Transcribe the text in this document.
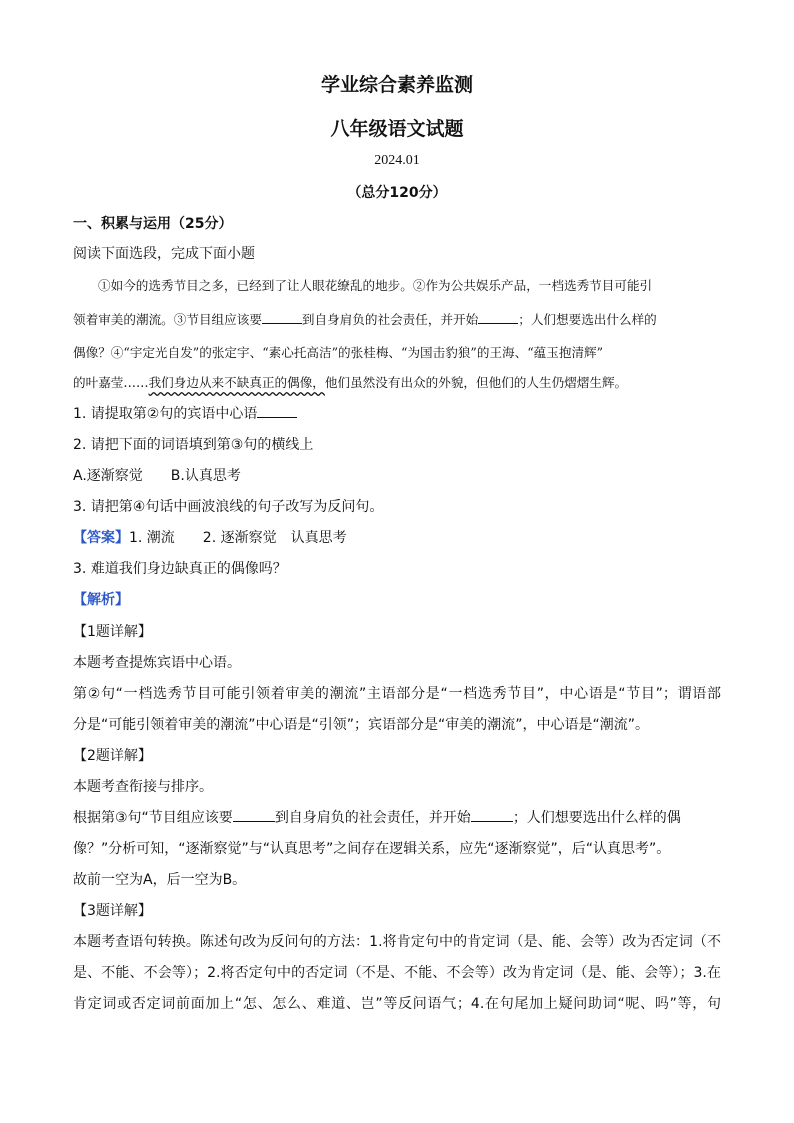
学业综合素养监测
八年级语文试题
2024.01
（总分120分）
一、积累与运用（25分）
阅读下面选段，完成下面小题
①如今的选秀节目之多，已经到了让人眼花缭乱的地步。②作为公共娱乐产品，一档选秀节目可能引
领着审美的潮流。③节目组应该要	到自身肩负的社会责任，并开始	；人们想要选出什么样的
偶像？④“宇定光自发”的张定宇、“素心托高洁”的张桂梅、“为国击豹狼”的王海、“蕴玉抱清辉”
的叶嘉莹……我们身边从来不缺真正的偶像，他们虽然没有出众的外貌，但他们的人生仍熠熠生辉。
1. 请提取第②句的宾语中心语
2. 请把下面的词语填到第③句的横线上
A.逐渐察觉　　B.认真思考
3. 请把第④句话中画波浪线的句子改写为反问句。
【答案】1. 潮流　　2. 逐渐察觉　认真思考
3. 难道我们身边缺真正的偶像吗？
【解析】
【1题详解】
本题考查提炼宾语中心语。
第②句“一档选秀节目可能引领着审美的潮流”主语部分是“一档选秀节目”，中心语是“节目”；谓语部
分是“可能引领着审美的潮流”中心语是“引领”；宾语部分是“审美的潮流”，中心语是“潮流”。
【2题详解】
本题考查衔接与排序。
根据第③句“节目组应该要	到自身肩负的社会责任，并开始	；人们想要选出什么样的偶
像？”分析可知，“逐渐察觉”与“认真思考”之间存在逻辑关系，应先“逐渐察觉”，后“认真思考”。
故前一空为A，后一空为B。
【3题详解】
本题考查语句转换。陈述句改为反问句的方法：1.将肯定句中的肯定词（是、能、会等）改为否定词（不
是、不能、不会等）；2.将否定句中的否定词（不是、不能、不会等）改为肯定词（是、能、会等）；3.在
肯定词或否定词前面加上“怎、怎么、难道、岂”等反问语气；4.在句尾加上疑问助词“呢、吗”等，句
